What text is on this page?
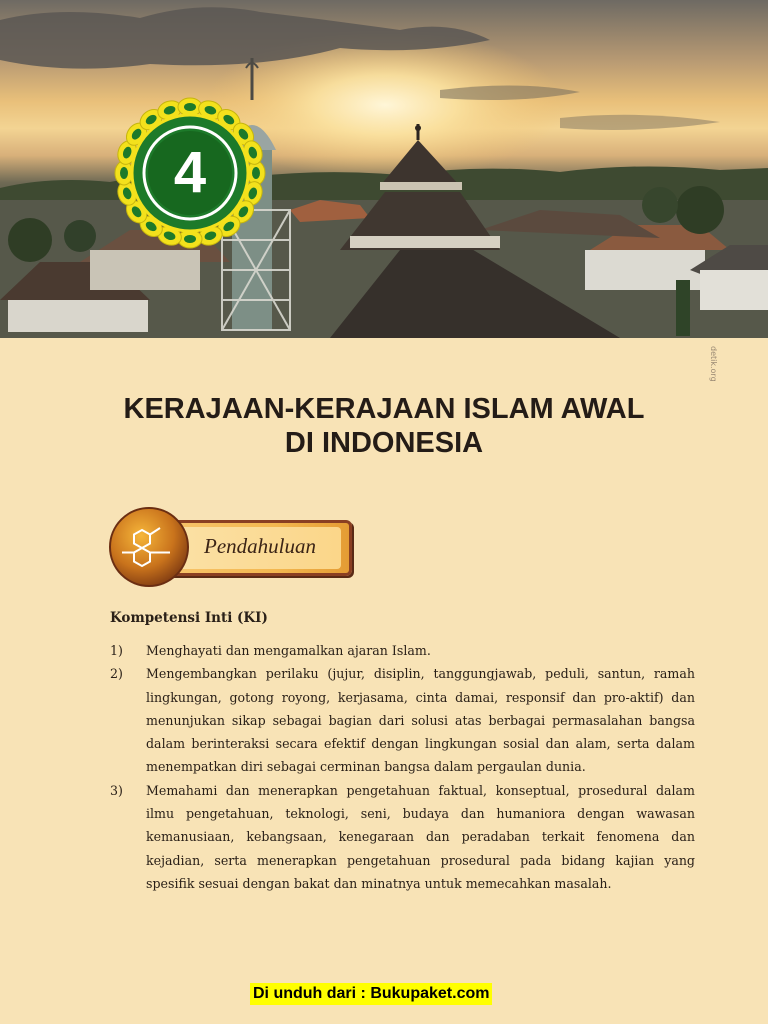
detik.org
4
KERAJAAN-KERAJAAN ISLAM AWAL
DI INDONESIA
Pendahuluan
Kompetensi Inti (KI)
1) Menghayati dan mengamalkan ajaran Islam.
2) Mengembangkan perilaku (jujur, disiplin, tanggungjawab, peduli, santun, ramah lingkungan, gotong royong, kerjasama, cinta damai, responsif dan pro-aktif) dan menunjukan sikap sebagai bagian dari solusi atas berbagai permasalahan bangsa dalam berinteraksi secara efektif dengan lingkungan sosial dan alam, serta dalam menempatkan diri sebagai cerminan bangsa dalam pergaulan dunia.
3) Memahami dan menerapkan pengetahuan faktual, konseptual, prosedural dalam ilmu pengetahuan, teknologi, seni, budaya dan humaniora dengan wawasan kemanusiaan, kebangsaan, kenegaraan dan peradaban terkait fenomena dan kejadian, serta menerapkan pengetahuan prosedural pada bidang kajian yang spesifik sesuai dengan bakat dan minatnya untuk memecahkan masalah.
Di unduh dari : Bukupaket.com
